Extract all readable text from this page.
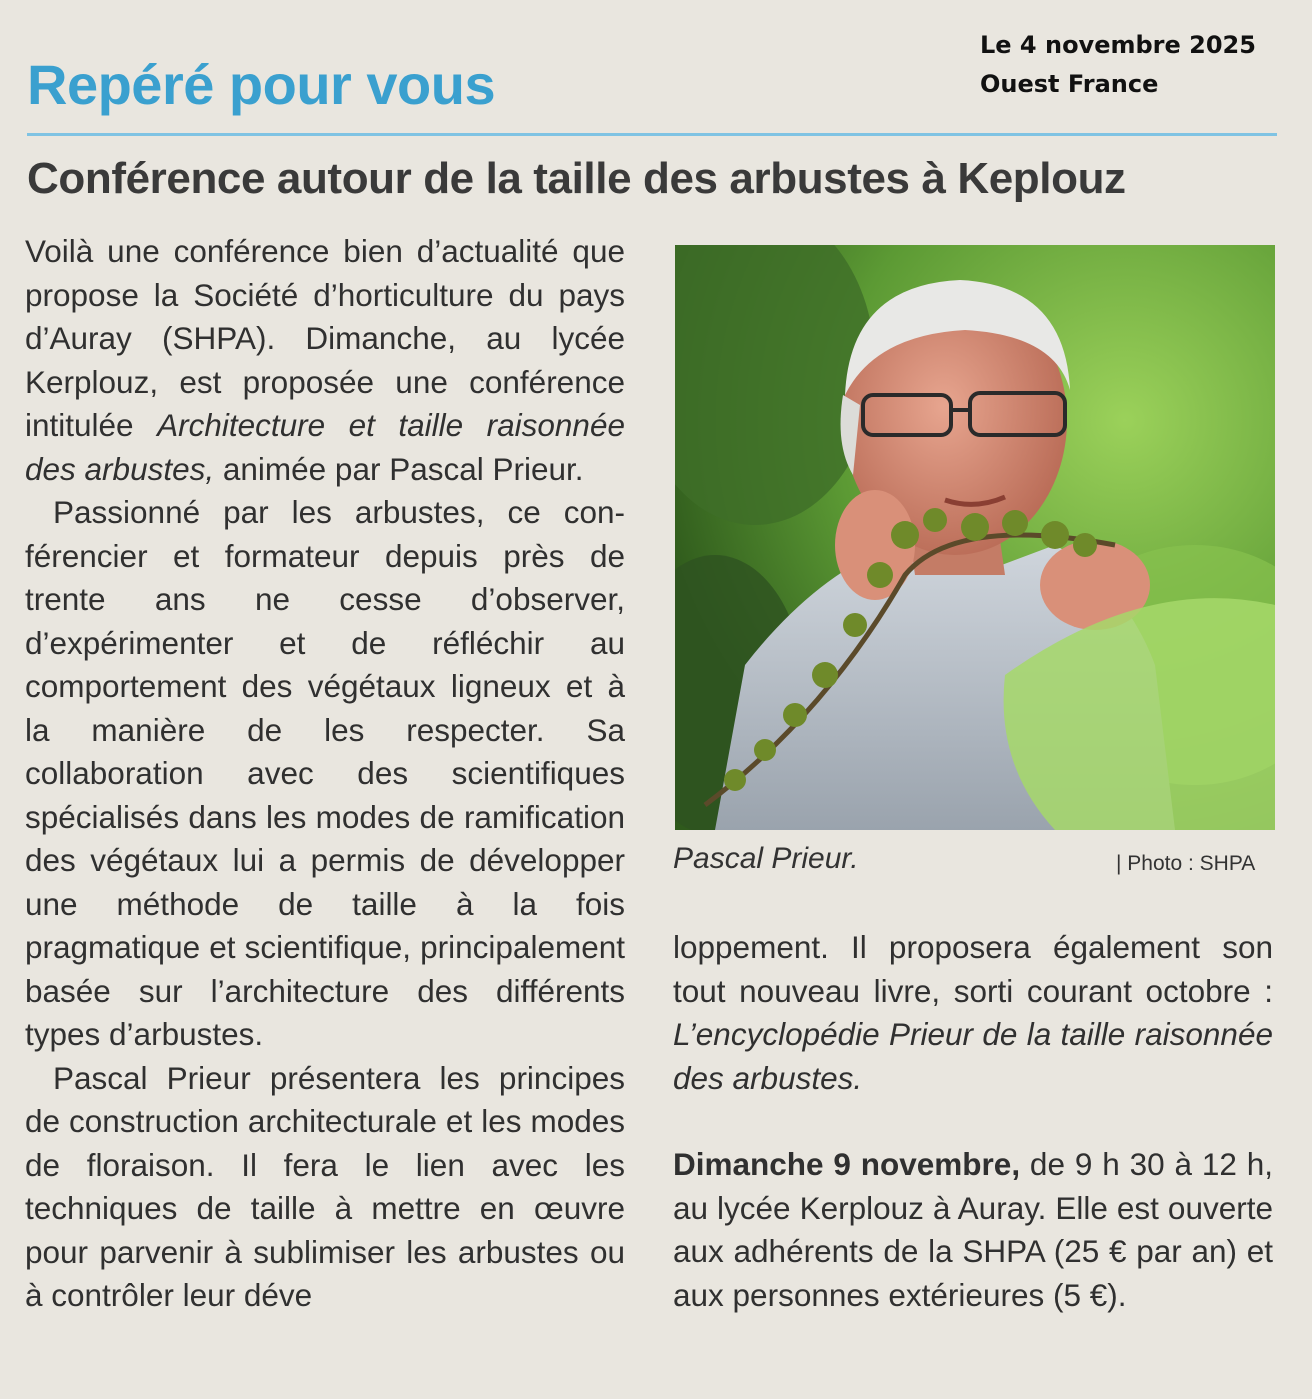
Le 4 novembre 2025
Ouest France
Repéré pour vous
Conférence autour de la taille des arbustes à Keplouz

Voilà une conférence bien d’actualité que propose la Société d’horticulture du pays d’Auray (SHPA). Dimanche, au lycée Kerplouz, est proposée une conférence intitulée Architecture et taille raisonnée des arbustes, animée par Pascal Prieur.

Passionné par les arbustes, ce conférencier et formateur depuis près de trente ans ne cesse d’observer, d’expérimenter et de réfléchir au comportement des végétaux ligneux et à la manière de les respecter. Sa collaboration avec des scientifiques spécialisés dans les modes de ramification des végétaux lui a permis de développer une méthode de taille à la fois pragmatique et scientifique, principalement basée sur l’architecture des différents types d’arbustes.

Pascal Prieur présentera les principes de construction architecturale et les modes de floraison. Il fera le lien avec les techniques de taille à mettre en œuvre pour parvenir à sublimiser les arbustes ou à contrôler leur déve

Pascal Prieur.	| Photo : SHPA

loppement. Il proposera également son tout nouveau livre, sorti courant octobre : L’encyclopédie Prieur de la taille raisonnée des arbustes.

Dimanche 9 novembre, de 9 h 30 à 12 h, au lycée Kerplouz à Auray. Elle est ouverte aux adhérents de la SHPA (25 € par an) et aux personnes extérieures (5 €).
